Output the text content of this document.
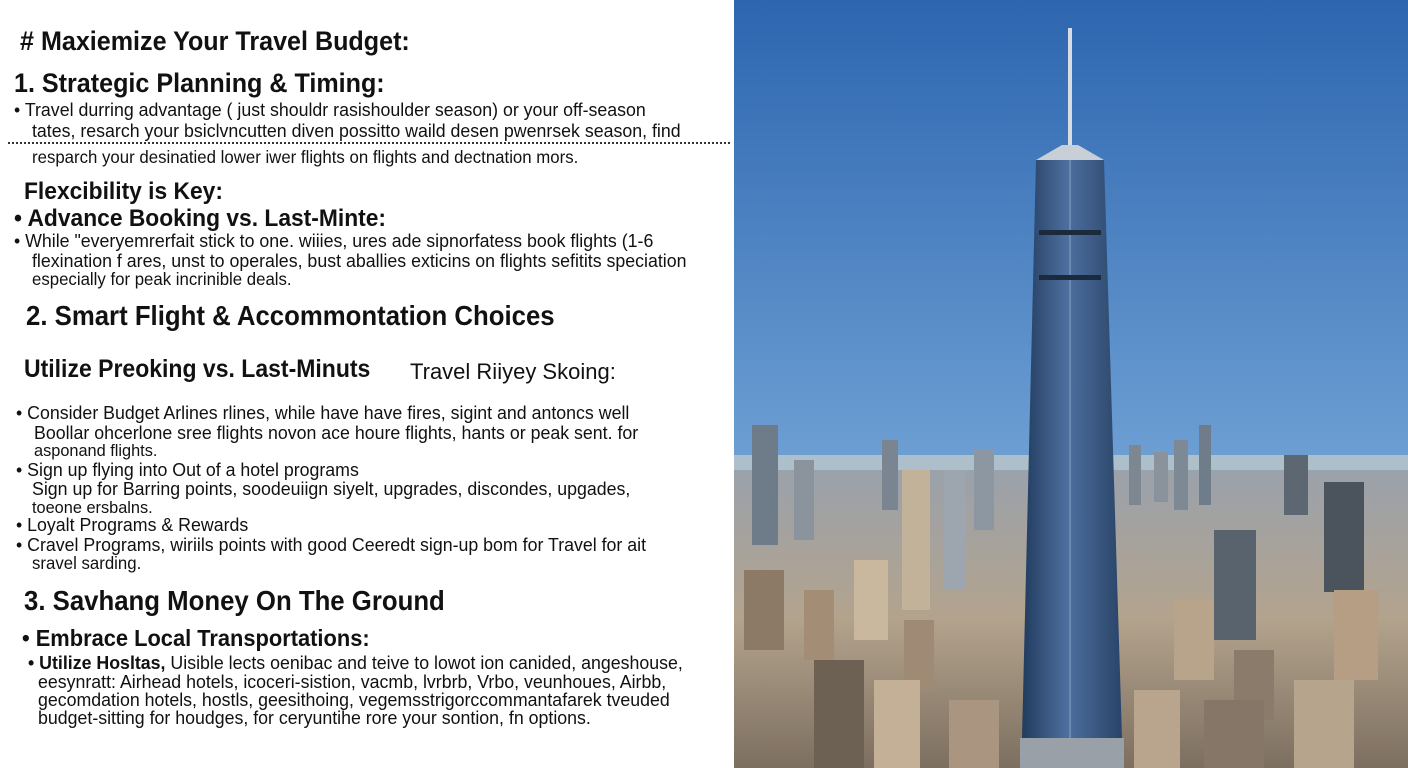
# Maxiemize Your Travel Budget:
1. Strategic Planning & Timing:
• Travel durring advantage ( just shouldr rasishoulder season) or your off-season
tates, resarch your bsiclvncutten diven possitto waild desen pwenrsek season, find
resparch your desinatied lower iwer flights on flights and dectnation mors.
Flexcibility is Key:
• Advance Booking vs. Last-Minte:
• While "everyemrerfait stick to one. wiiies, ures ade sipnorfatess book flights (1-6
flexination f ares, unst to operales, bust aballies exticins on flights sefitits speciation
especially for peak incrinible deals.
2. Smart Flight & Accommontation Choices
Utilize Preoking vs. Last-Minuts Travel Riiyey Skoing:
• Consider Budget Arlines rlines, while have have fires, sigint and antoncs well
Boollar ohcerlone sree flights novon ace houre flights, hants or peak sent. for
asponand flights.
• Sign up flying into Out of a hotel programs
Sign up for Barring points, soodeuiign siyelt, upgrades, discondes, upgades,
toeone ersbalns.
• Loyalt Programs & Rewards
• Cravel Programs, wiriils points with good Ceeredt sign-up bom for Travel for ait
sravel sarding.
3. Savhang Money On The Ground
• Embrace Local Transportations:
• Utilize Hosltas, Uisible lects oenibac and teive to lowot ion canided, angeshouse,
eesynratt: Airhead hotels, icoceri-sistion, vacmb, lvrbrb, Vrbo, veunhoues, Airbb,
gecomdation hotels, hostls, geesithoing, vegemsstrigorccommantafarek tveuded
budget-sitting for houdges, for ceryuntihe rore your sontion, fn options.
